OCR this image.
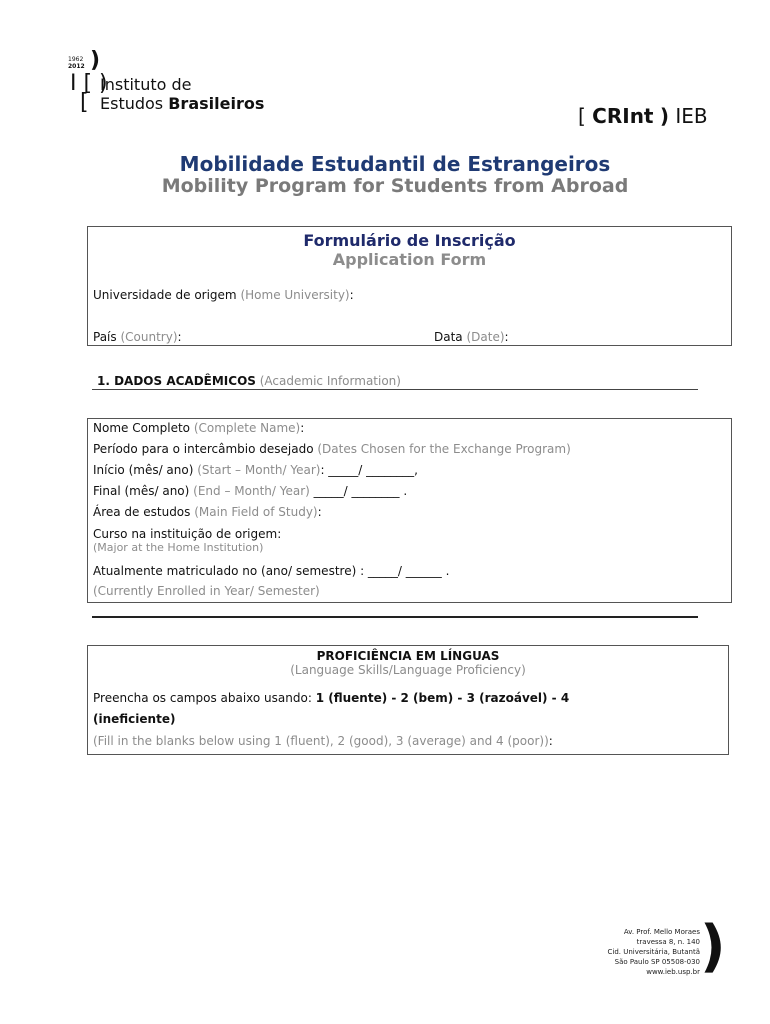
1962
2012 )
I [ )
[
Instituto de
Estudos Brasileiros
[ CRInt ) IEB
Mobilidade Estudantil de Estrangeiros
Mobility Program for Students from Abroad
Formulário de Inscrição
Application Form
Universidade de origem (Home University):
País (Country):	Data (Date):
1. DADOS ACADÊMICOS (Academic Information)
Nome Completo (Complete Name):
Período para o intercâmbio desejado (Dates Chosen for the Exchange Program)
Início (mês/ ano) (Start – Month/ Year): _____/ ________,
Final (mês/ ano) (End – Month/ Year) _____/ ________ .
Área de estudos (Main Field of Study):
Curso na instituição de origem:
(Major at the Home Institution)
Atualmente matriculado no (ano/ semestre) : _____/ ______ .
(Currently Enrolled in Year/ Semester)
PROFICIÊNCIA EM LÍNGUAS
(Language Skills/Language Proficiency)
Preencha os campos abaixo usando: 1 (fluente) - 2 (bem) - 3 (razoável) - 4
(ineficiente)
(Fill in the blanks below using 1 (fluent), 2 (good), 3 (average) and 4 (poor)):
Av. Prof. Mello Moraes
travessa 8, n. 140
Cid. Universitária, Butantã
São Paulo SP 05508-030
www.ieb.usp.br )
